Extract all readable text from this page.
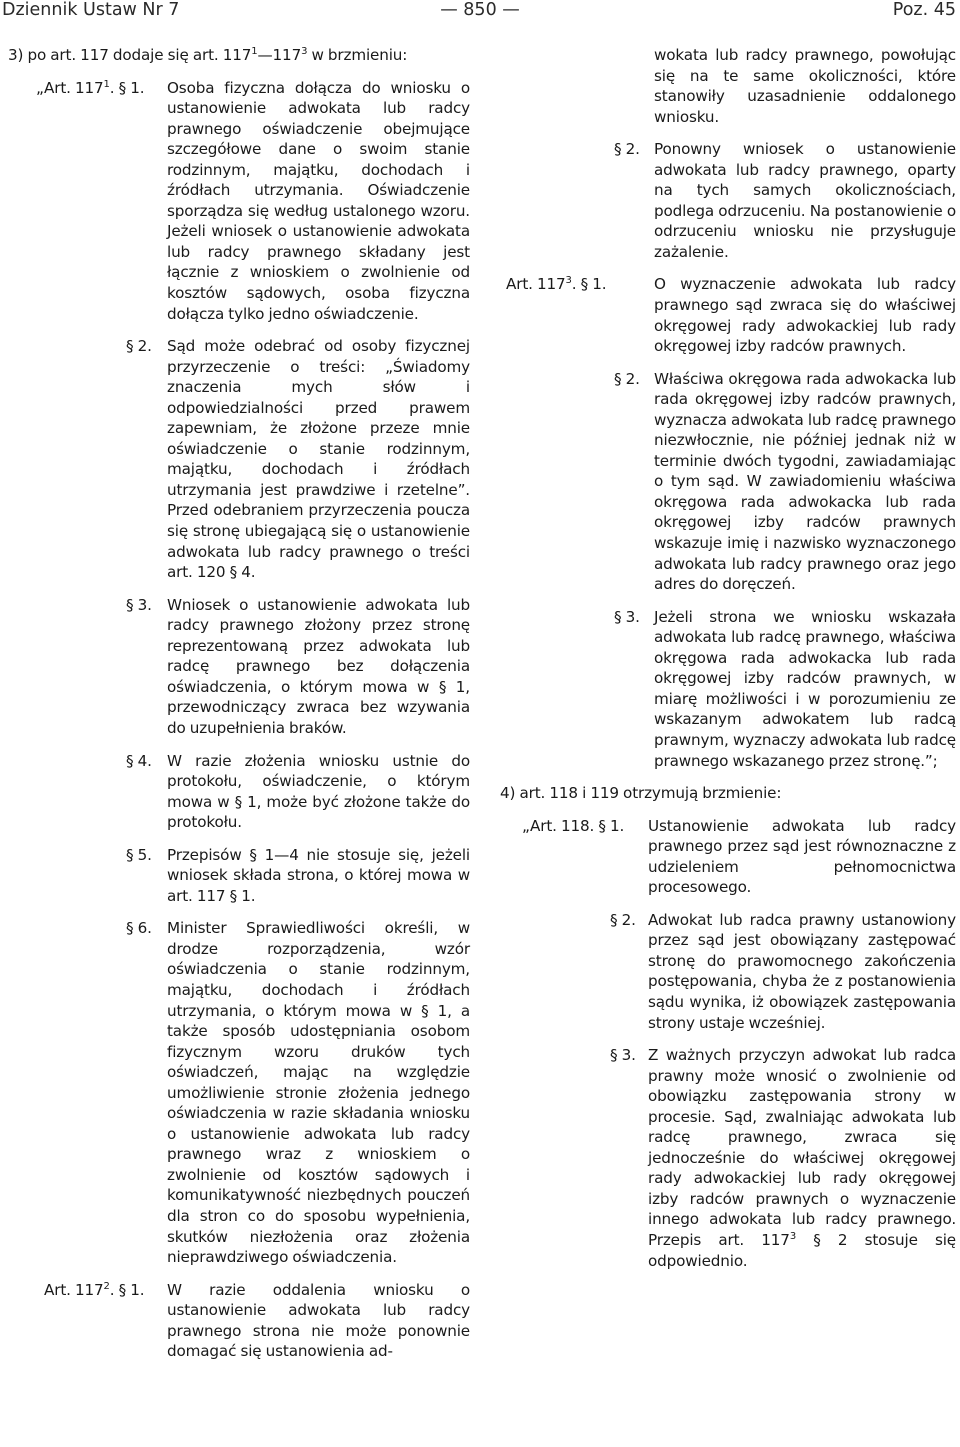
Dziennik Ustaw Nr 7	— 850 —	Poz. 45
3) po art. 117 dodaje się art. $117^1—117^3$ w brzmieniu:
„Art. $117^1$. § 1. Osoba fizyczna dołącza do wniosku o ustanowienie adwokata lub radcy prawnego oświadczenie obejmujące szczegółowe dane o swoim stanie rodzinnym, majątku, dochodach i źródłach utrzymania. Oświadczenie sporządza się według ustalonego wzoru. Jeżeli wniosek o ustanowienie adwokata lub radcy prawnego składany jest łącznie z wnioskiem o zwolnienie od kosztów sądowych, osoba fizyczna dołącza tylko jedno oświadczenie.
§ 2. Sąd może odebrać od osoby fizycznej przyrzeczenie o treści: „Świadomy znaczenia mych słów i odpowiedzialności przed prawem zapewniam, że złożone przeze mnie oświadczenie o stanie rodzinnym, majątku, dochodach i źródłach utrzymania jest prawdziwe i rzetelne”. Przed odebraniem przyrzeczenia poucza się stronę ubiegającą się o ustanowienie adwokata lub radcy prawnego o treści art. 120 § 4.
§ 3. Wniosek o ustanowienie adwokata lub radcy prawnego złożony przez stronę reprezentowaną przez adwokata lub radcę prawnego bez dołączenia oświadczenia, o którym mowa w § 1, przewodniczący zwraca bez wzywania do uzupełnienia braków.
§ 4. W razie złożenia wniosku ustnie do protokołu, oświadczenie, o którym mowa w § 1, może być złożone także do protokołu.
§ 5. Przepisów § 1—4 nie stosuje się, jeżeli wniosek składa strona, o której mowa w art. 117 § 1.
§ 6. Minister Sprawiedliwości określi, w drodze rozporządzenia, wzór oświadczenia o stanie rodzinnym, majątku, dochodach i źródłach utrzymania, o którym mowa w § 1, a także sposób udostępniania osobom fizycznym wzoru druków tych oświadczeń, mając na względzie umożliwienie stronie złożenia jednego oświadczenia w razie składania wniosku o ustanowienie adwokata lub radcy prawnego wraz z wnioskiem o zwolnienie od kosztów sądowych i komunikatywność niezbędnych pouczeń dla stron co do sposobu wypełnienia, skutków niezłożenia oraz złożenia nieprawdziwego oświadczenia.
Art. $117^2$. § 1. W razie oddalenia wniosku o ustanowienie adwokata lub radcy prawnego strona nie może ponownie domagać się ustanowienia ad-
wokata lub radcy prawnego, powołując się na te same okoliczności, które stanowiły uzasadnienie oddalonego wniosku.
§ 2. Ponowny wniosek o ustanowienie adwokata lub radcy prawnego, oparty na tych samych okolicznościach, podlega odrzuceniu. Na postanowienie o odrzuceniu wniosku nie przysługuje zażalenie.
Art. $117^3$. § 1.	O wyznaczenie adwokata lub radcy prawnego sąd zwraca się do właściwej okręgowej rady adwokackiej lub rady okręgowej izby radców prawnych.
§ 2. Właściwa okręgowa rada adwokacka lub rada okręgowej izby radców prawnych, wyznacza adwokata lub radcę prawnego niezwłocznie, nie później jednak niż w terminie dwóch tygodni, zawiadamiając o tym sąd. W zawiadomieniu właściwa okręgowa rada adwokacka lub rada okręgowej izby radców prawnych wskazuje imię i nazwisko wyznaczonego adwokata lub radcy prawnego oraz jego adres do doręczeń.
§ 3. Jeżeli strona we wniosku wskazała adwokata lub radcę prawnego, właściwa okręgowa rada adwokacka lub rada okręgowej izby radców prawnych, w miarę możliwości i w porozumieniu ze wskazanym adwokatem lub radcą prawnym, wyznaczy adwokata lub radcę prawnego wskazanego przez stronę.”;
4) art. 118 i 119 otrzymują brzmienie:
„Art. 118. § 1. Ustanowienie adwokata lub radcy prawnego przez sąd jest równoznaczne z udzieleniem pełnomocnictwa procesowego.
§ 2. Adwokat lub radca prawny ustanowiony przez sąd jest obowiązany zastępować stronę do prawomocnego zakończenia postępowania, chyba że z postanowienia sądu wynika, iż obowiązek zastępowania strony ustaje wcześniej.
§ 3. Z ważnych przyczyn adwokat lub radca prawny może wnosić o zwolnienie od obowiązku zastępowania strony w procesie. Sąd, zwalniając adwokata lub radcę prawnego, zwraca się jednocześnie do właściwej okręgowej rady adwokackiej lub rady okręgowej izby radców prawnych o wyznaczenie innego adwokata lub radcy prawnego. Przepis art. $117^3$ § 2 stosuje się odpowiednio.
